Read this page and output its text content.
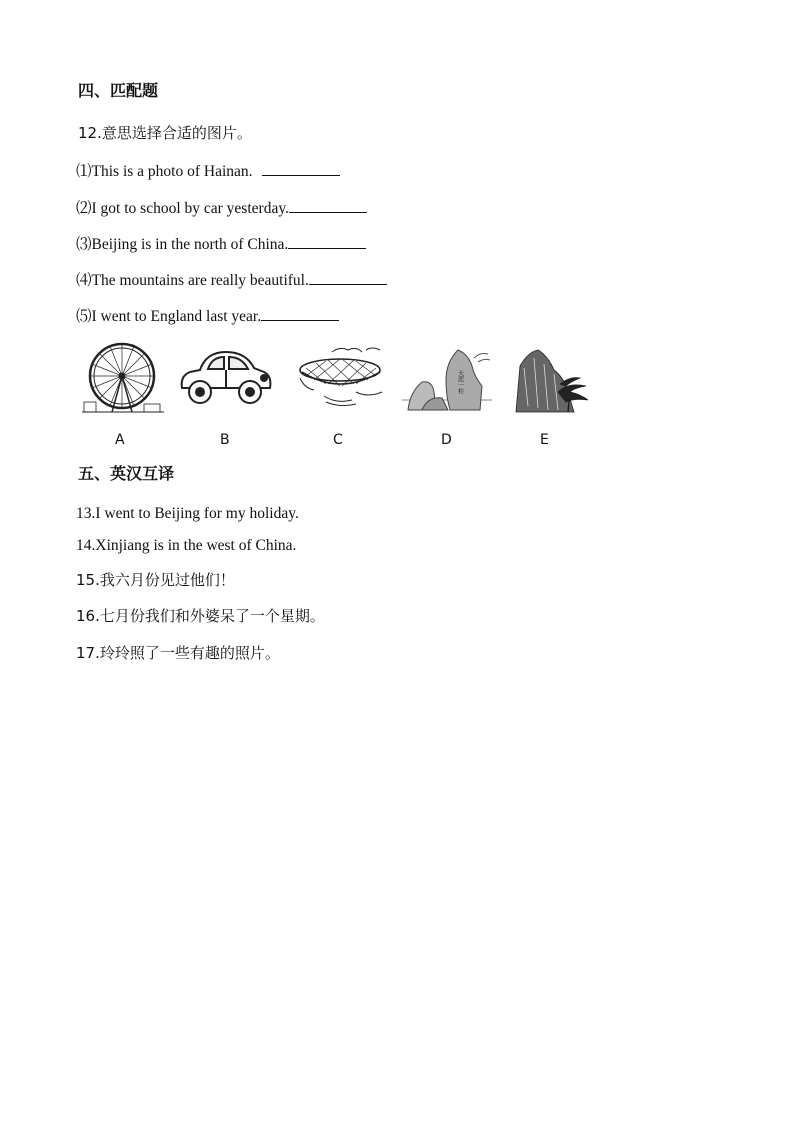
四、匹配题
12.意思选择合适的图片。
⑴This is a photo of Hainan.
⑵I got to school by car yesterday.
⑶Beijing is in the north of China.
⑷The mountains are really beautiful.
⑸I went to England last year.
天涯一柱
A	B	C	D	E
五、英汉互译
13.I went to Beijing for my holiday.
14.Xinjiang is in the west of China.
15.我六月份见过他们！
16.七月份我们和外婆呆了一个星期。
17.玲玲照了一些有趣的照片。
